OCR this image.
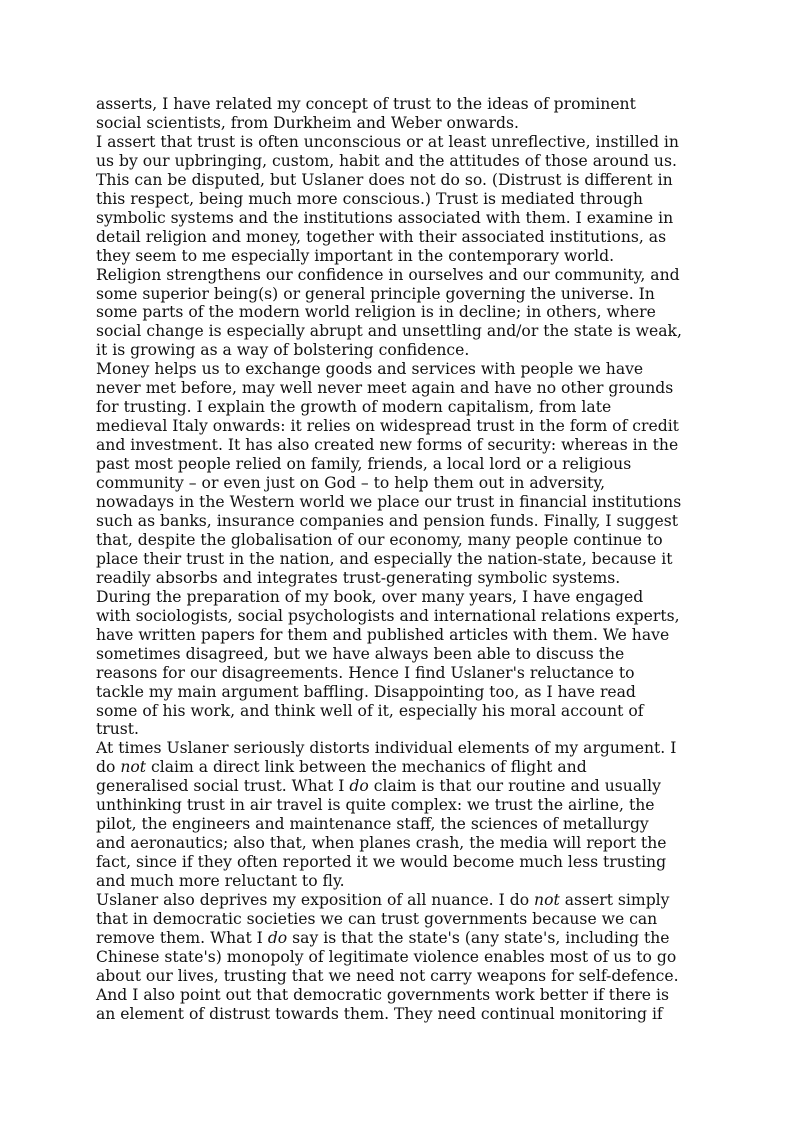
asserts, I have related my concept of trust to the ideas of prominent
social scientists, from Durkheim and Weber onwards.
I assert that trust is often unconscious or at least unreflective, instilled in
us by our upbringing, custom, habit and the attitudes of those around us.
This can be disputed, but Uslaner does not do so. (Distrust is different in
this respect, being much more conscious.) Trust is mediated through
symbolic systems and the institutions associated with them. I examine in
detail religion and money, together with their associated institutions, as
they seem to me especially important in the contemporary world.
Religion strengthens our confidence in ourselves and our community, and
some superior being(s) or general principle governing the universe. In
some parts of the modern world religion is in decline; in others, where
social change is especially abrupt and unsettling and/or the state is weak,
it is growing as a way of bolstering confidence.
Money helps us to exchange goods and services with people we have
never met before, may well never meet again and have no other grounds
for trusting. I explain the growth of modern capitalism, from late
medieval Italy onwards: it relies on widespread trust in the form of credit
and investment. It has also created new forms of security: whereas in the
past most people relied on family, friends, a local lord or a religious
community – or even just on God – to help them out in adversity,
nowadays in the Western world we place our trust in financial institutions
such as banks, insurance companies and pension funds. Finally, I suggest
that, despite the globalisation of our economy, many people continue to
place their trust in the nation, and especially the nation-state, because it
readily absorbs and integrates trust-generating symbolic systems.
During the preparation of my book, over many years, I have engaged
with sociologists, social psychologists and international relations experts,
have written papers for them and published articles with them. We have
sometimes disagreed, but we have always been able to discuss the
reasons for our disagreements. Hence I find Uslaner's reluctance to
tackle my main argument baffling. Disappointing too, as I have read
some of his work, and think well of it, especially his moral account of
trust.
At times Uslaner seriously distorts individual elements of my argument. I
do not claim a direct link between the mechanics of flight and
generalised social trust. What I do claim is that our routine and usually
unthinking trust in air travel is quite complex: we trust the airline, the
pilot, the engineers and maintenance staff, the sciences of metallurgy
and aeronautics; also that, when planes crash, the media will report the
fact, since if they often reported it we would become much less trusting
and much more reluctant to fly.
Uslaner also deprives my exposition of all nuance. I do not assert simply
that in democratic societies we can trust governments because we can
remove them. What I do say is that the state's (any state's, including the
Chinese state's) monopoly of legitimate violence enables most of us to go
about our lives, trusting that we need not carry weapons for self-defence.
And I also point out that democratic governments work better if there is
an element of distrust towards them. They need continual monitoring if
